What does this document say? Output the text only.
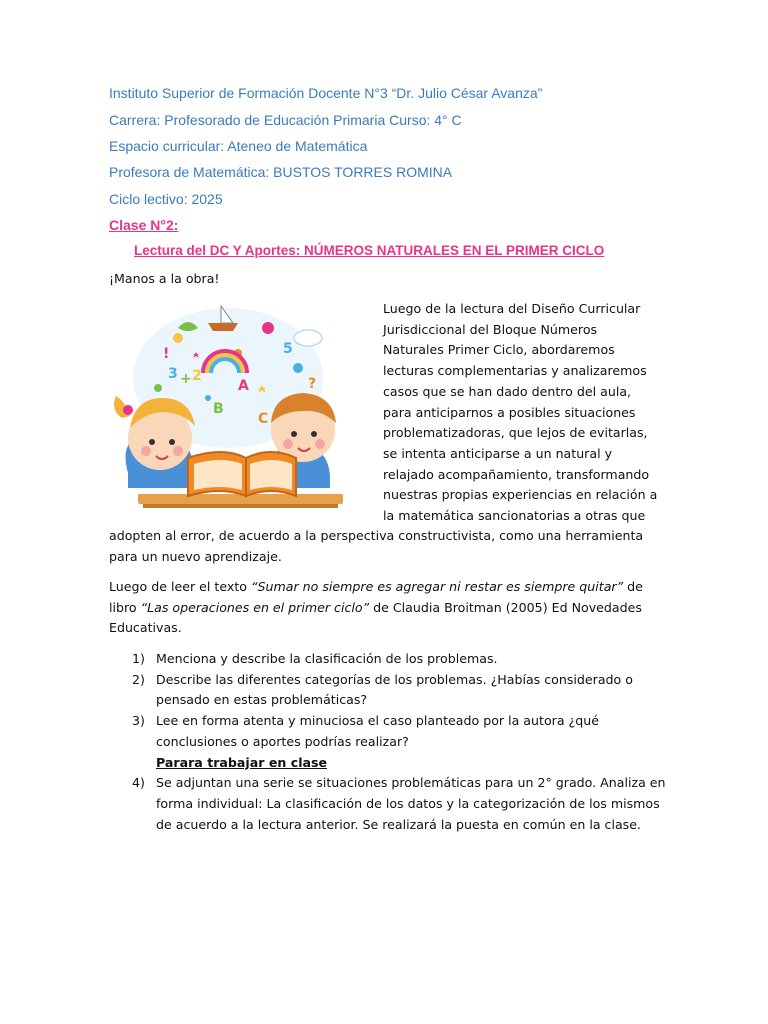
Instituto Superior de Formación Docente N°3 “Dr. Julio César Avanza”
Carrera: Profesorado de Educación Primaria Curso: 4° C
Espacio curricular: Ateneo de Matemática
Profesora de Matemática: BUSTOS TORRES ROMINA
Ciclo lectivo: 2025
Clase N°2:
Lectura del DC Y Aportes: NÚMEROS NATURALES EN EL PRIMER CICLO
¡Manos a la obra!
A	?
!
3 + 2
5
B
C
Luego de la lectura del Diseño Curricular
Jurisdiccional del Bloque Números
Naturales Primer Ciclo, abordaremos
lecturas complementarias y analizaremos
casos que se han dado dentro del aula,
para anticiparnos a posibles situaciones
problematizadoras, que lejos de evitarlas,
se intenta anticiparse a un natural y
relajado acompañamiento, transformando
nuestras propias experiencias en relación a
la matemática sancionatorias a otras que
adopten al error, de acuerdo a la perspectiva constructivista, como una herramienta
para un nuevo aprendizaje.
Luego de leer el texto “Sumar no siempre es agregar ni restar es siempre quitar” de
libro “Las operaciones en el primer ciclo” de Claudia Broitman (2005) Ed Novedades
Educativas.
1) Menciona y describe la clasificación de los problemas.
2) Describe las diferentes categorías de los problemas. ¿Habías considerado o
pensado en estas problemáticas?
3) Lee en forma atenta y minuciosa el caso planteado por la autora ¿qué
conclusiones o aportes podrías realizar?
Parara trabajar en clase
4) Se adjuntan una serie se situaciones problemáticas para un 2° grado. Analiza en
forma individual: La clasificación de los datos y la categorización de los mismos
de acuerdo a la lectura anterior. Se realizará la puesta en común en la clase.
